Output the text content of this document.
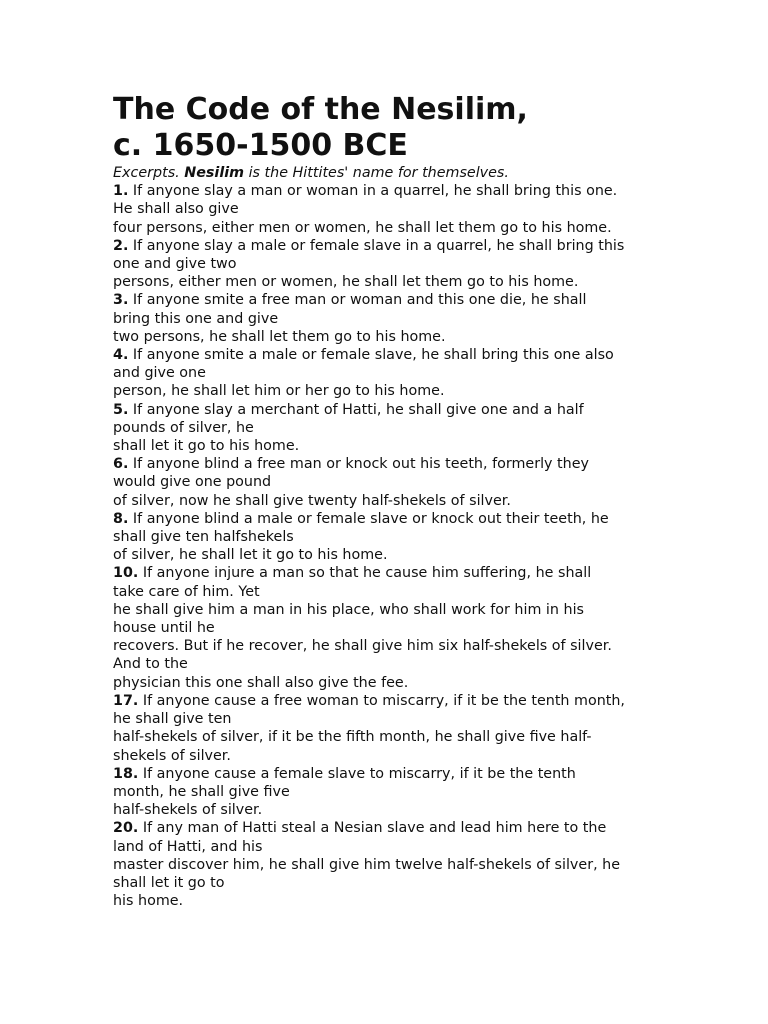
The Code of the Nesilim,
c. 1650-1500 BCE
Excerpts. Nesilim is the Hittites' name for themselves.
1. If anyone slay a man or woman in a quarrel, he shall bring this one.
He shall also give
four persons, either men or women, he shall let them go to his home.
2. If anyone slay a male or female slave in a quarrel, he shall bring this
one and give two
persons, either men or women, he shall let them go to his home.
3. If anyone smite a free man or woman and this one die, he shall
bring this one and give
two persons, he shall let them go to his home.
4. If anyone smite a male or female slave, he shall bring this one also
and give one
person, he shall let him or her go to his home.
5. If anyone slay a merchant of Hatti, he shall give one and a half
pounds of silver, he
shall let it go to his home.
6. If anyone blind a free man or knock out his teeth, formerly they
would give one pound
of silver, now he shall give twenty half-shekels of silver.
8. If anyone blind a male or female slave or knock out their teeth, he
shall give ten halfshekels
of silver, he shall let it go to his home.
10. If anyone injure a man so that he cause him suffering, he shall
take care of him. Yet
he shall give him a man in his place, who shall work for him in his
house until he
recovers. But if he recover, he shall give him six half-shekels of silver.
And to the
physician this one shall also give the fee.
17. If anyone cause a free woman to miscarry, if it be the tenth month,
he shall give ten
half-shekels of silver, if it be the fifth month, he shall give five half-
shekels of silver.
18. If anyone cause a female slave to miscarry, if it be the tenth
month, he shall give five
half-shekels of silver.
20. If any man of Hatti steal a Nesian slave and lead him here to the
land of Hatti, and his
master discover him, he shall give him twelve half-shekels of silver, he
shall let it go to
his home.
